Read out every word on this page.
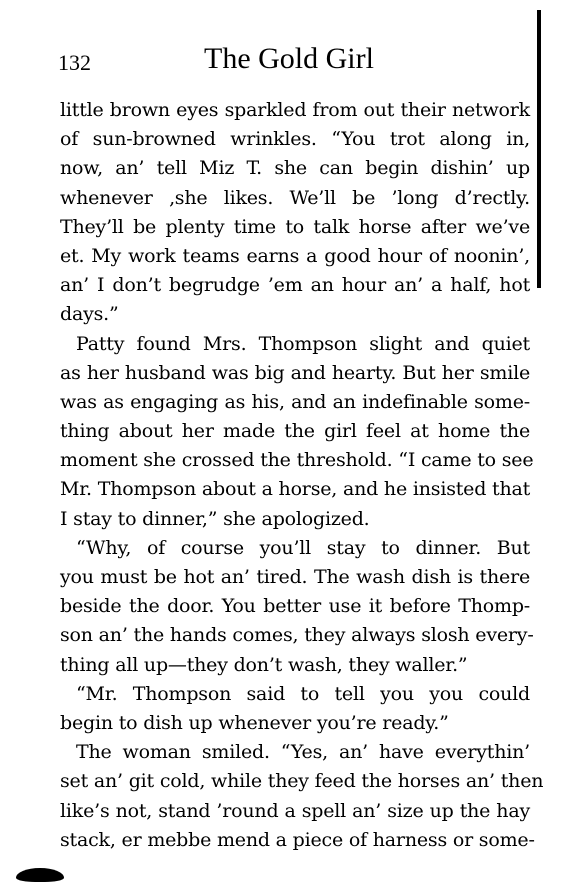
132	The Gold Girl
little brown eyes sparkled from out their network
of sun-browned wrinkles. “You trot along in,
now, an’ tell Miz T. she can begin dishin’ up
whenever ‚she likes. We’ll be ’long d’rectly.
They’ll be plenty time to talk horse after we’ve
et. My work teams earns a good hour of noonin’,
an’ I don’t begrudge ’em an hour an’ a half, hot
days.”
Patty found Mrs. Thompson slight and quiet
as her husband was big and hearty. But her smile
was as engaging as his, and an indefinable some-
thing about her made the girl feel at home the
moment she crossed the threshold. “I came to see
Mr. Thompson about a horse, and he insisted that
I stay to dinner,” she apologized.
“Why, of course you’ll stay to dinner. But
you must be hot an’ tired. The wash dish is there
beside the door. You better use it before Thomp-
son an’ the hands comes, they always slosh every-
thing all up—they don’t wash, they waller.”
“Mr. Thompson said to tell you you could
begin to dish up whenever you’re ready.”
The woman smiled. “Yes, an’ have everythin’
set an’ git cold, while they feed the horses an’ then
like’s not, stand ’round a spell an’ size up the hay
stack, er mebbe mend a piece of harness or some-
